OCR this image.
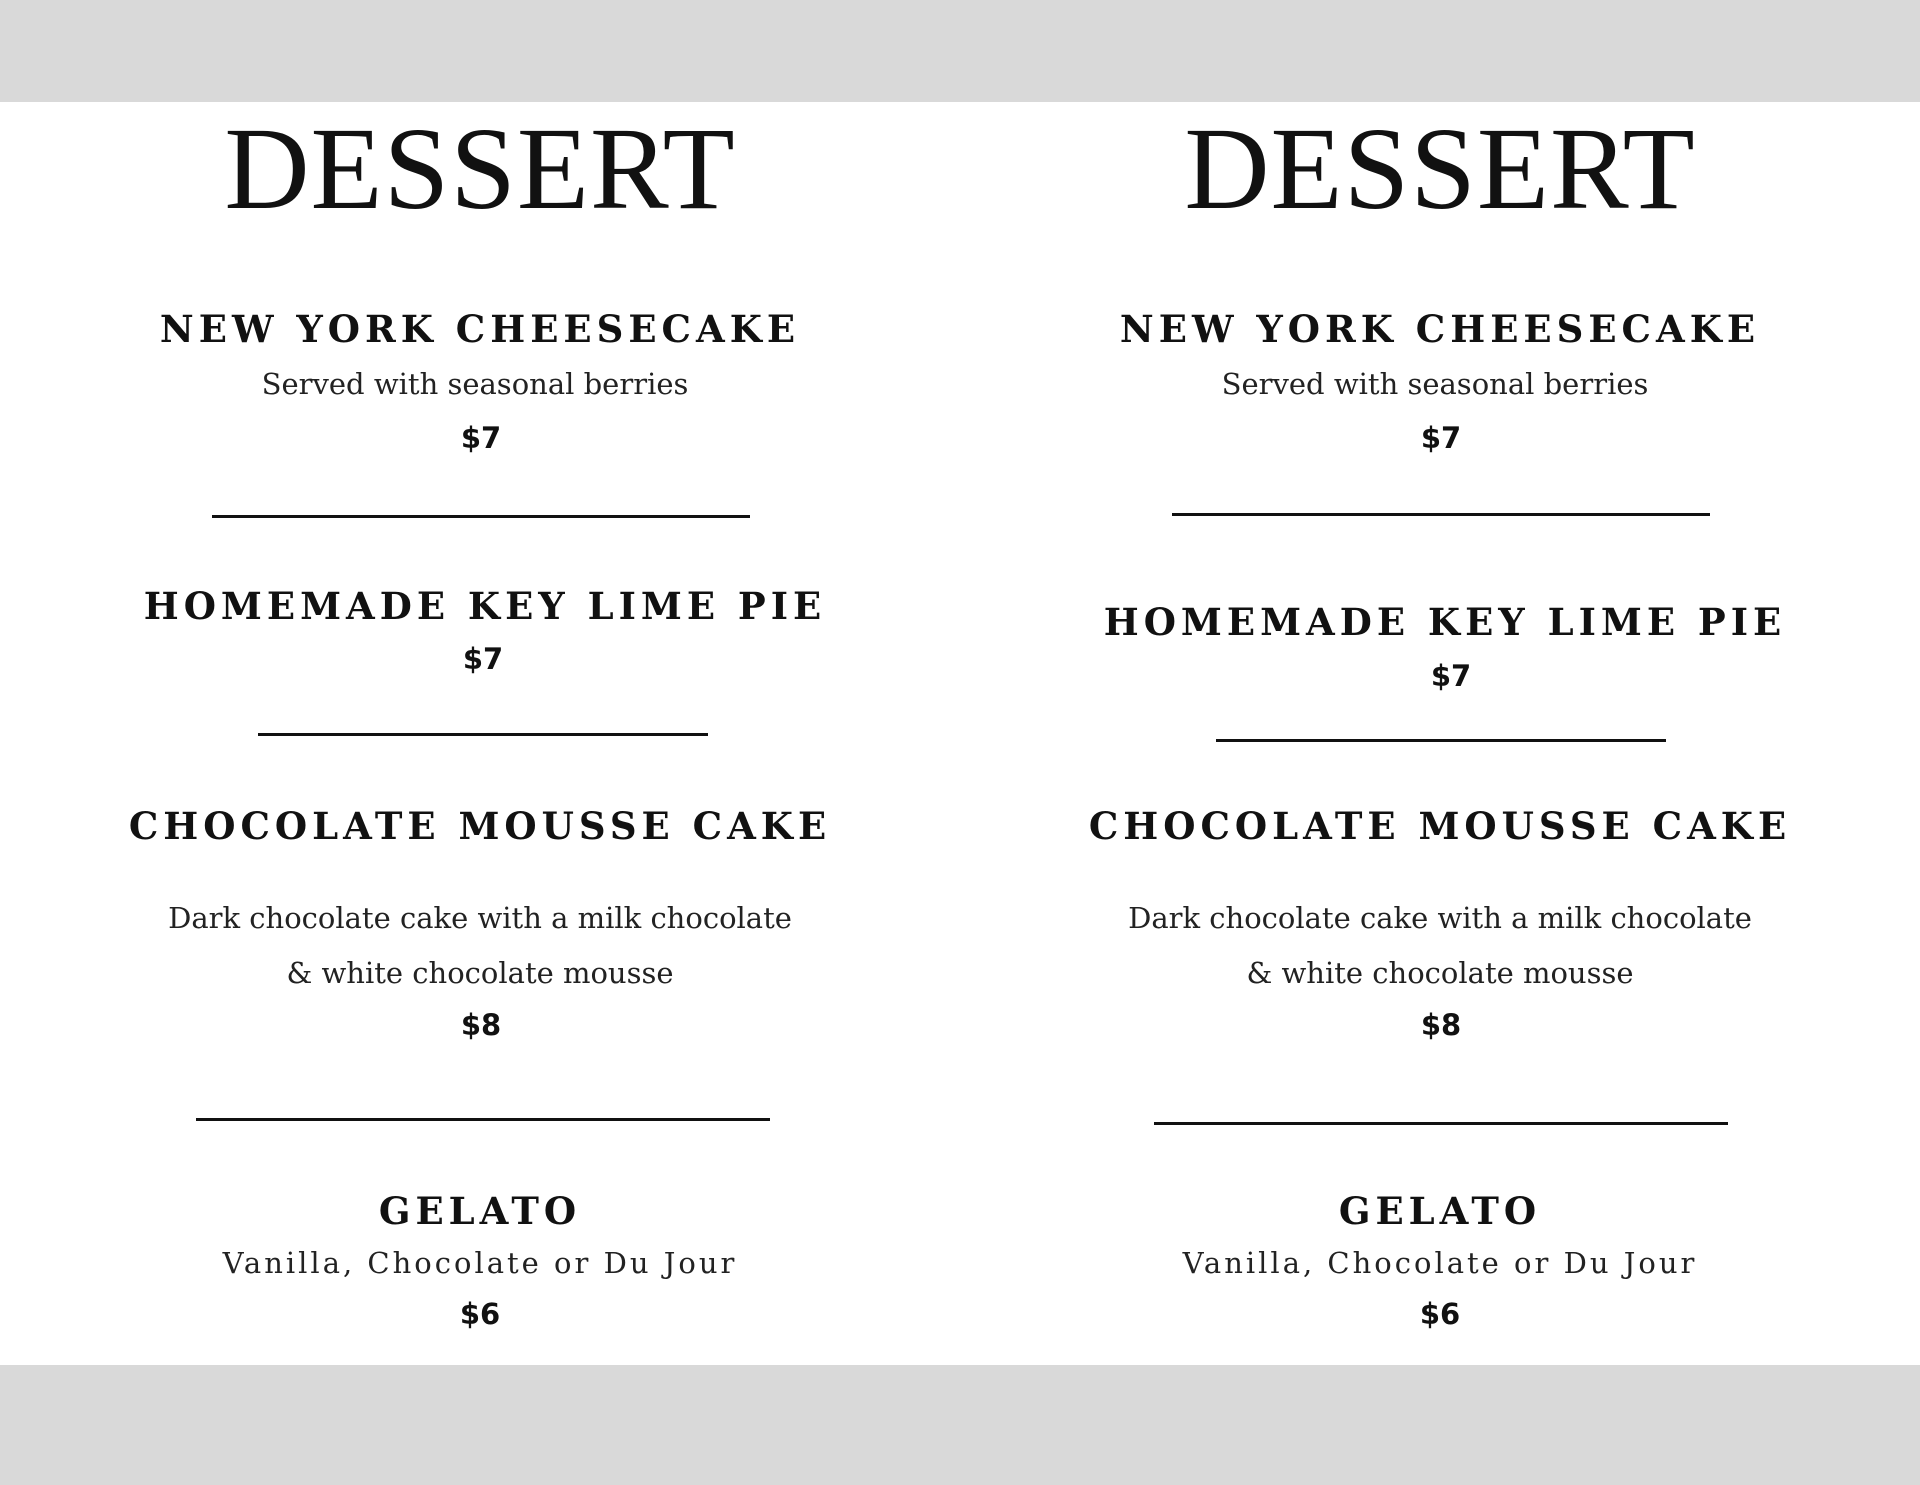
DESSERT
NEW YORK CHEESECAKE
Served with seasonal berries
$7
HOMEMADE KEY LIME PIE
$7
CHOCOLATE MOUSSE CAKE
Dark chocolate cake with a milk chocolate
& white chocolate mousse
$8
GELATO
Vanilla, Chocolate or Du Jour
$6
DESSERT
NEW YORK CHEESECAKE
Served with seasonal berries
$7
HOMEMADE KEY LIME PIE
$7
CHOCOLATE MOUSSE CAKE
Dark chocolate cake with a milk chocolate
& white chocolate mousse
$8
GELATO
Vanilla, Chocolate or Du Jour
$6
